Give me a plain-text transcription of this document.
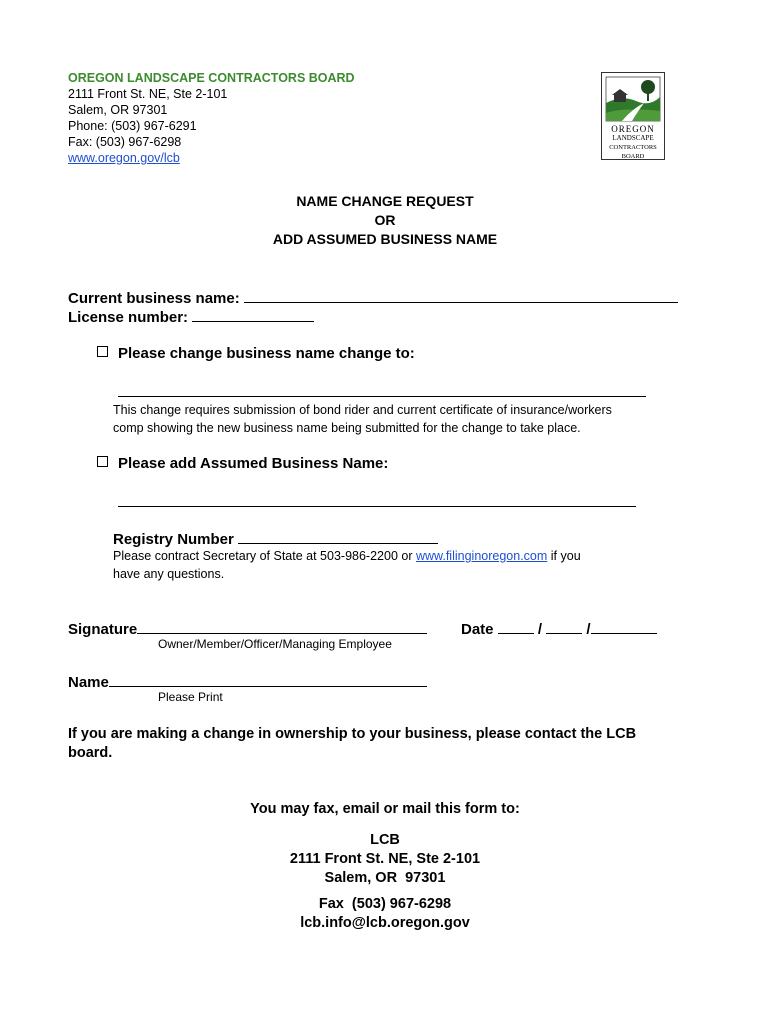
OREGON LANDSCAPE CONTRACTORS BOARD
2111 Front St. NE, Ste 2-101
Salem, OR 97301
Phone: (503) 967-6291
Fax: (503) 967-6298
www.oregon.gov/lcb
OREGON
LANDSCAPE
CONTRACTORS
BOARD
NAME CHANGE REQUEST
OR
ADD ASSUMED BUSINESS NAME
Current business name:
License number:
Please change business name change to:
This change requires submission of bond rider and current certificate of insurance/workers
comp showing the new business name being submitted for the change to take place.
Please add Assumed Business Name:
Registry Number
Please contract Secretary of State at 503-986-2200 or www.filinginoregon.com if you
have any questions.
Signature
Owner/Member/Officer/Managing Employee
Date	/	/
Name
Please Print
If you are making a change in ownership to your business, please contact the LCB
board.
You may fax, email or mail this form to:
LCB
2111 Front St. NE, Ste 2-101
Salem, OR  97301
Fax  (503) 967-6298
lcb.info@lcb.oregon.gov
